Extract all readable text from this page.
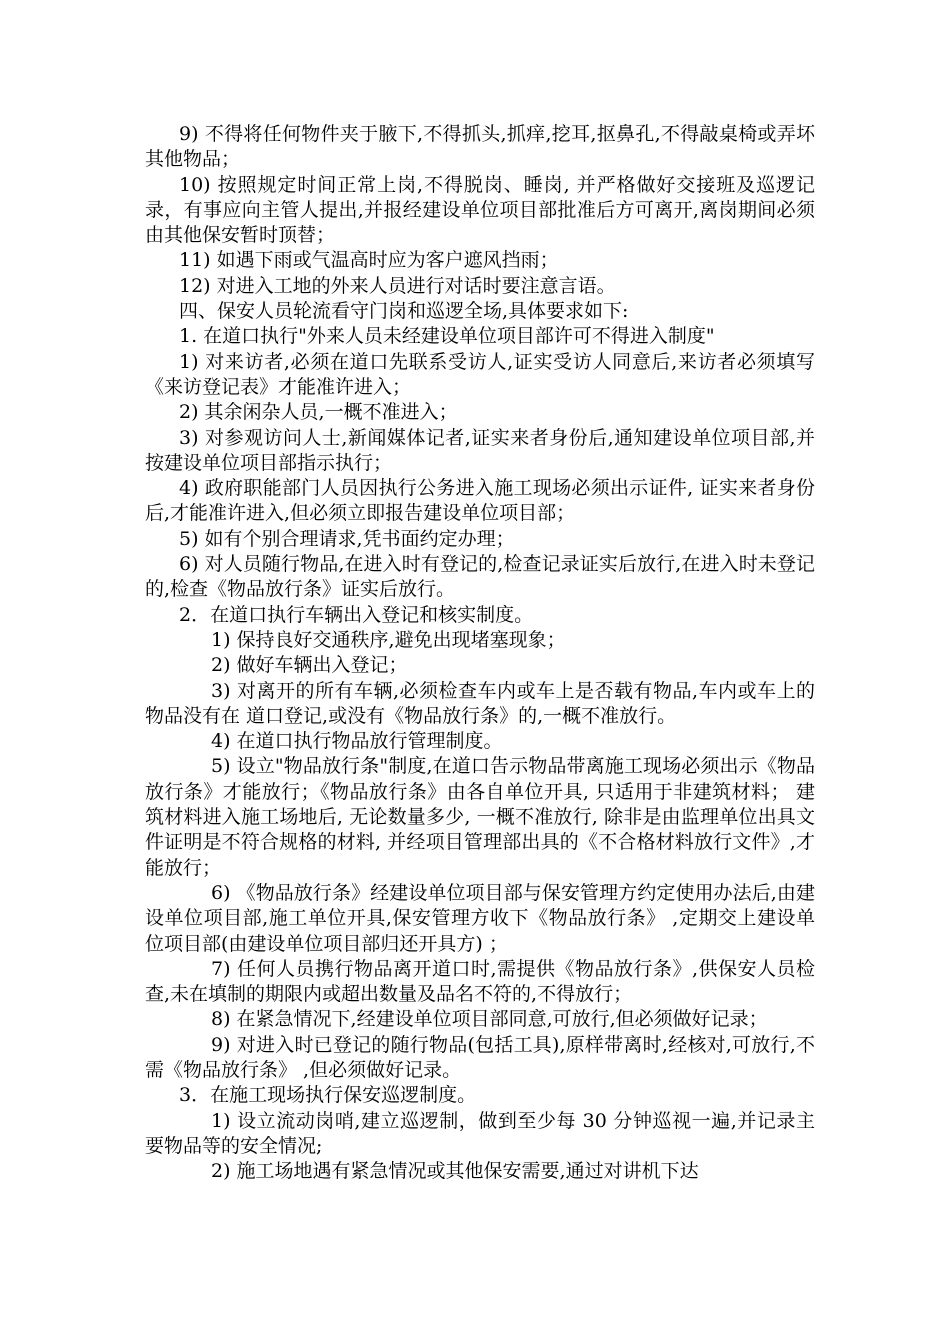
9) 不得将任何物件夹于腋下,不得抓头,抓痒,挖耳,抠鼻孔,不得敲桌椅或弄坏其他物品；

10) 按照规定时间正常上岗,不得脱岗、睡岗, 并严格做好交接班及巡逻记录，有事应向主管人提出,并报经建设单位项目部批准后方可离开,离岗期间必须由其他保安暂时顶替；

11) 如遇下雨或气温高时应为客户遮风挡雨；

12) 对进入工地的外来人员进行对话时要注意言语。

四、保安人员轮流看守门岗和巡逻全场,具体要求如下:

1. 在道口执行"外来人员未经建设单位项目部许可不得进入制度"

1) 对来访者,必须在道口先联系受访人,证实受访人同意后,来访者必须填写《来访登记表》才能准许进入；

2) 其余闲杂人员,一概不准进入；

3) 对参观访问人士,新闻媒体记者,证实来者身份后,通知建设单位项目部,并按建设单位项目部指示执行；

4) 政府职能部门人员因执行公务进入施工现场必须出示证件, 证实来者身份后,才能准许进入,但必须立即报告建设单位项目部；

5) 如有个别合理请求,凭书面约定办理；

6) 对人员随行物品,在进入时有登记的,检查记录证实后放行,在进入时未登记的,检查《物品放行条》证实后放行。

2．在道口执行车辆出入登记和核实制度。

1) 保持良好交通秩序,避免出现堵塞现象；

2) 做好车辆出入登记；

3) 对离开的所有车辆,必须检查车内或车上是否载有物品,车内或车上的物品没有在 道口登记,或没有《物品放行条》的,一概不准放行。

4) 在道口执行物品放行管理制度。

5) 设立"物品放行条"制度,在道口告示物品带离施工现场必须出示《物品放行条》才能放行；《物品放行条》由各自单位开具, 只适用于非建筑材料； 建筑材料进入施工场地后, 无论数量多少, 一概不准放行, 除非是由监理单位出具文件证明是不符合规格的材料, 并经项目管理部出具的《不合格材料放行文件》,才能放行；

6) 《物品放行条》经建设单位项目部与保安管理方约定使用办法后,由建设单位项目部,施工单位开具,保安管理方收下《物品放行条》 ,定期交上建设单位项目部(由建设单位项目部归还开具方) ；

7) 任何人员携行物品离开道口时,需提供《物品放行条》,供保安人员检查,未在填制的期限内或超出数量及品名不符的,不得放行；

8) 在紧急情况下,经建设单位项目部同意,可放行,但必须做好记录；

9) 对进入时已登记的随行物品(包括工具),原样带离时,经核对,可放行,不需《物品放行条》 ,但必须做好记录。

3．在施工现场执行保安巡逻制度。

1) 设立流动岗哨,建立巡逻制，做到至少每 30 分钟巡视一遍,并记录主要物品等的安全情况;

2) 施工场地遇有紧急情况或其他保安需要,通过对讲机下达
